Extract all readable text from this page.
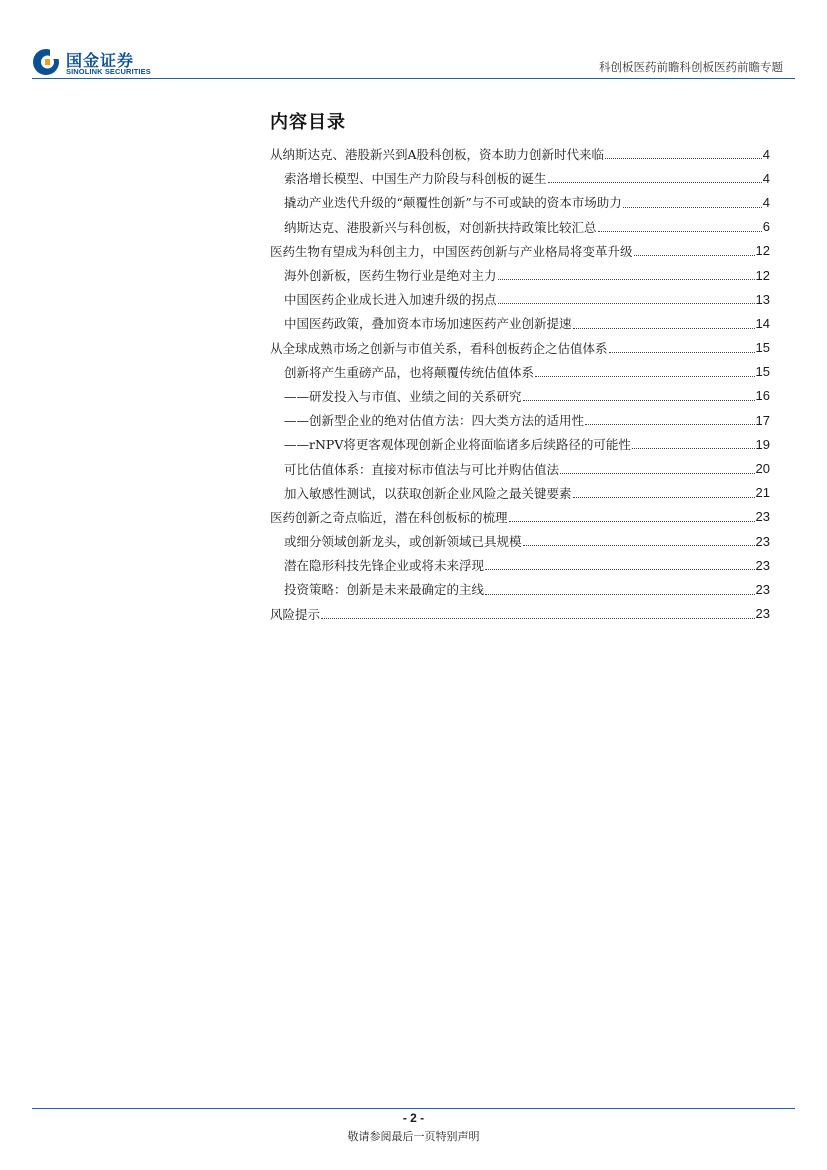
国金证券
SINOLINK SECURITIES	科创板医药前瞻科创板医药前瞻专题
内容目录
从纳斯达克、港股新兴到A股科创板，资本助力创新时代来临	4
索洛增长模型、中国生产力阶段与科创板的诞生	4
撬动产业迭代升级的“颠覆性创新”与不可或缺的资本市场助力	4
纳斯达克、港股新兴与科创板，对创新扶持政策比较汇总	6
医药生物有望成为科创主力，中国医药创新与产业格局将变革升级	12
海外创新板，医药生物行业是绝对主力	12
中国医药企业成长进入加速升级的拐点	13
中国医药政策，叠加资本市场加速医药产业创新提速	14
从全球成熟市场之创新与市值关系，看科创板药企之估值体系	15
创新将产生重磅产品，也将颠覆传统估值体系	15
——研发投入与市值、业绩之间的关系研究	16
——创新型企业的绝对估值方法：四大类方法的适用性	17
——rNPV将更客观体现创新企业将面临诸多后续路径的可能性	19
可比估值体系：直接对标市值法与可比并购估值法	20
加入敏感性测试，以获取创新企业风险之最关键要素	21
医药创新之奇点临近，潜在科创板标的梳理	23
或细分领域创新龙头，或创新领域已具规模	23
潜在隐形科技先锋企业或将未来浮现	23
投资策略：创新是未来最确定的主线	23
风险提示	23
- 2 -
敬请参阅最后一页特别声明
